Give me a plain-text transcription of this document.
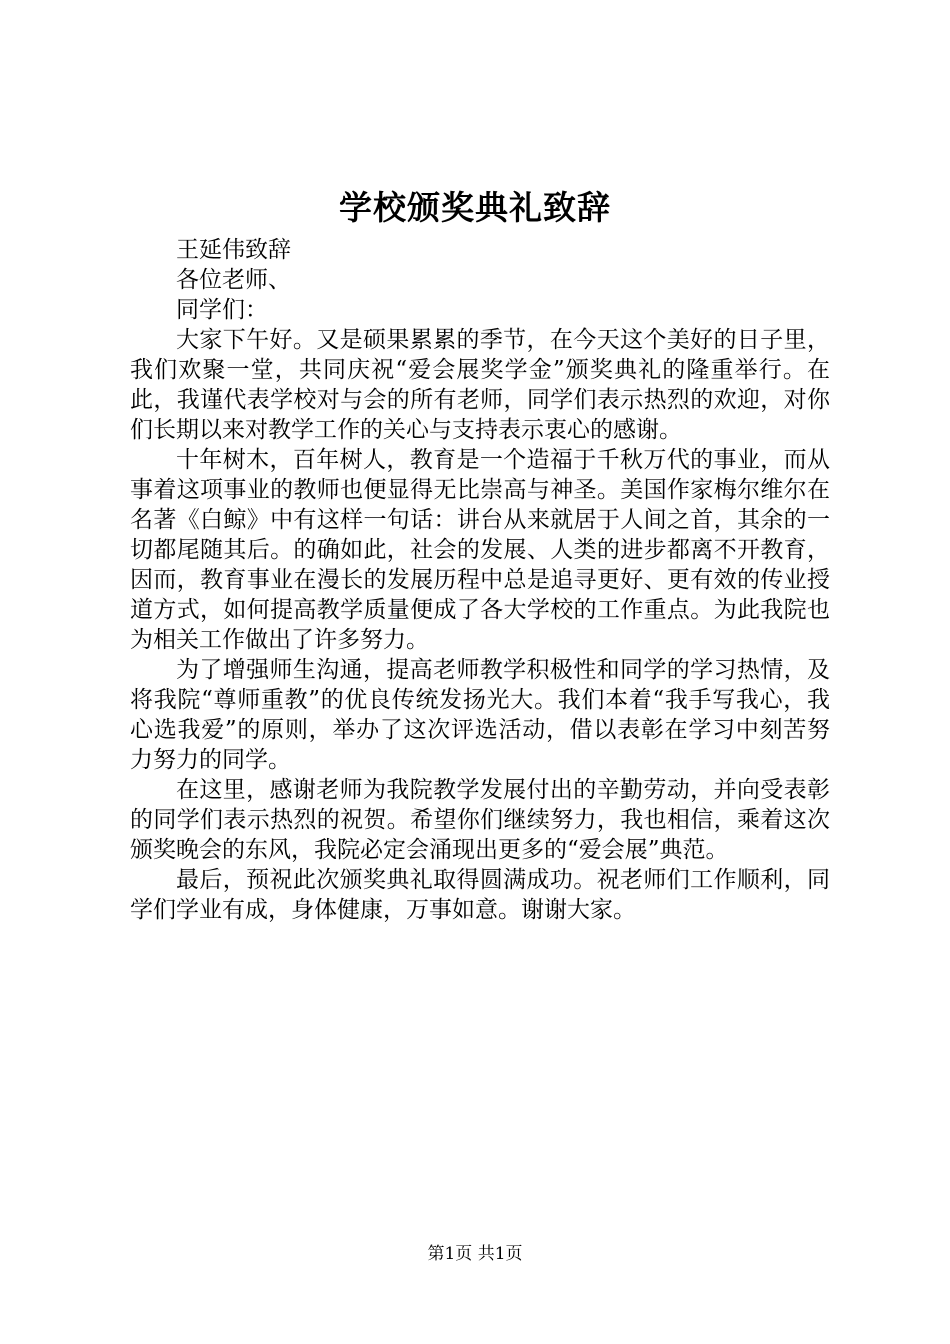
学校颁奖典礼致辞

王延伟致辞

各位老师、

同学们：

大家下午好。又是硕果累累的季节，在今天这个美好的日子里，我们欢聚一堂，共同庆祝“爱会展奖学金”颁奖典礼的隆重举行。在此，我谨代表学校对与会的所有老师，同学们表示热烈的欢迎，对你们长期以来对教学工作的关心与支持表示衷心的感谢。

十年树木，百年树人，教育是一个造福于千秋万代的事业，而从事着这项事业的教师也便显得无比崇高与神圣。美国作家梅尔维尔在名著《白鲸》中有这样一句话：讲台从来就居于人间之首，其余的一切都尾随其后。的确如此，社会的发展、人类的进步都离不开教育，因而，教育事业在漫长的发展历程中总是追寻更好、更有效的传业授道方式，如何提高教学质量便成了各大学校的工作重点。为此我院也为相关工作做出了许多努力。

为了增强师生沟通，提高老师教学积极性和同学的学习热情，及将我院“尊师重教”的优良传统发扬光大。我们本着“我手写我心，我心选我爱”的原则，举办了这次评选活动，借以表彰在学习中刻苦努力努力的同学。

在这里，感谢老师为我院教学发展付出的辛勤劳动，并向受表彰的同学们表示热烈的祝贺。希望你们继续努力，我也相信，乘着这次颁奖晚会的东风，我院必定会涌现出更多的“爱会展”典范。

最后，预祝此次颁奖典礼取得圆满成功。祝老师们工作顺利，同学们学业有成，身体健康，万事如意。谢谢大家。

第1页 共1页
